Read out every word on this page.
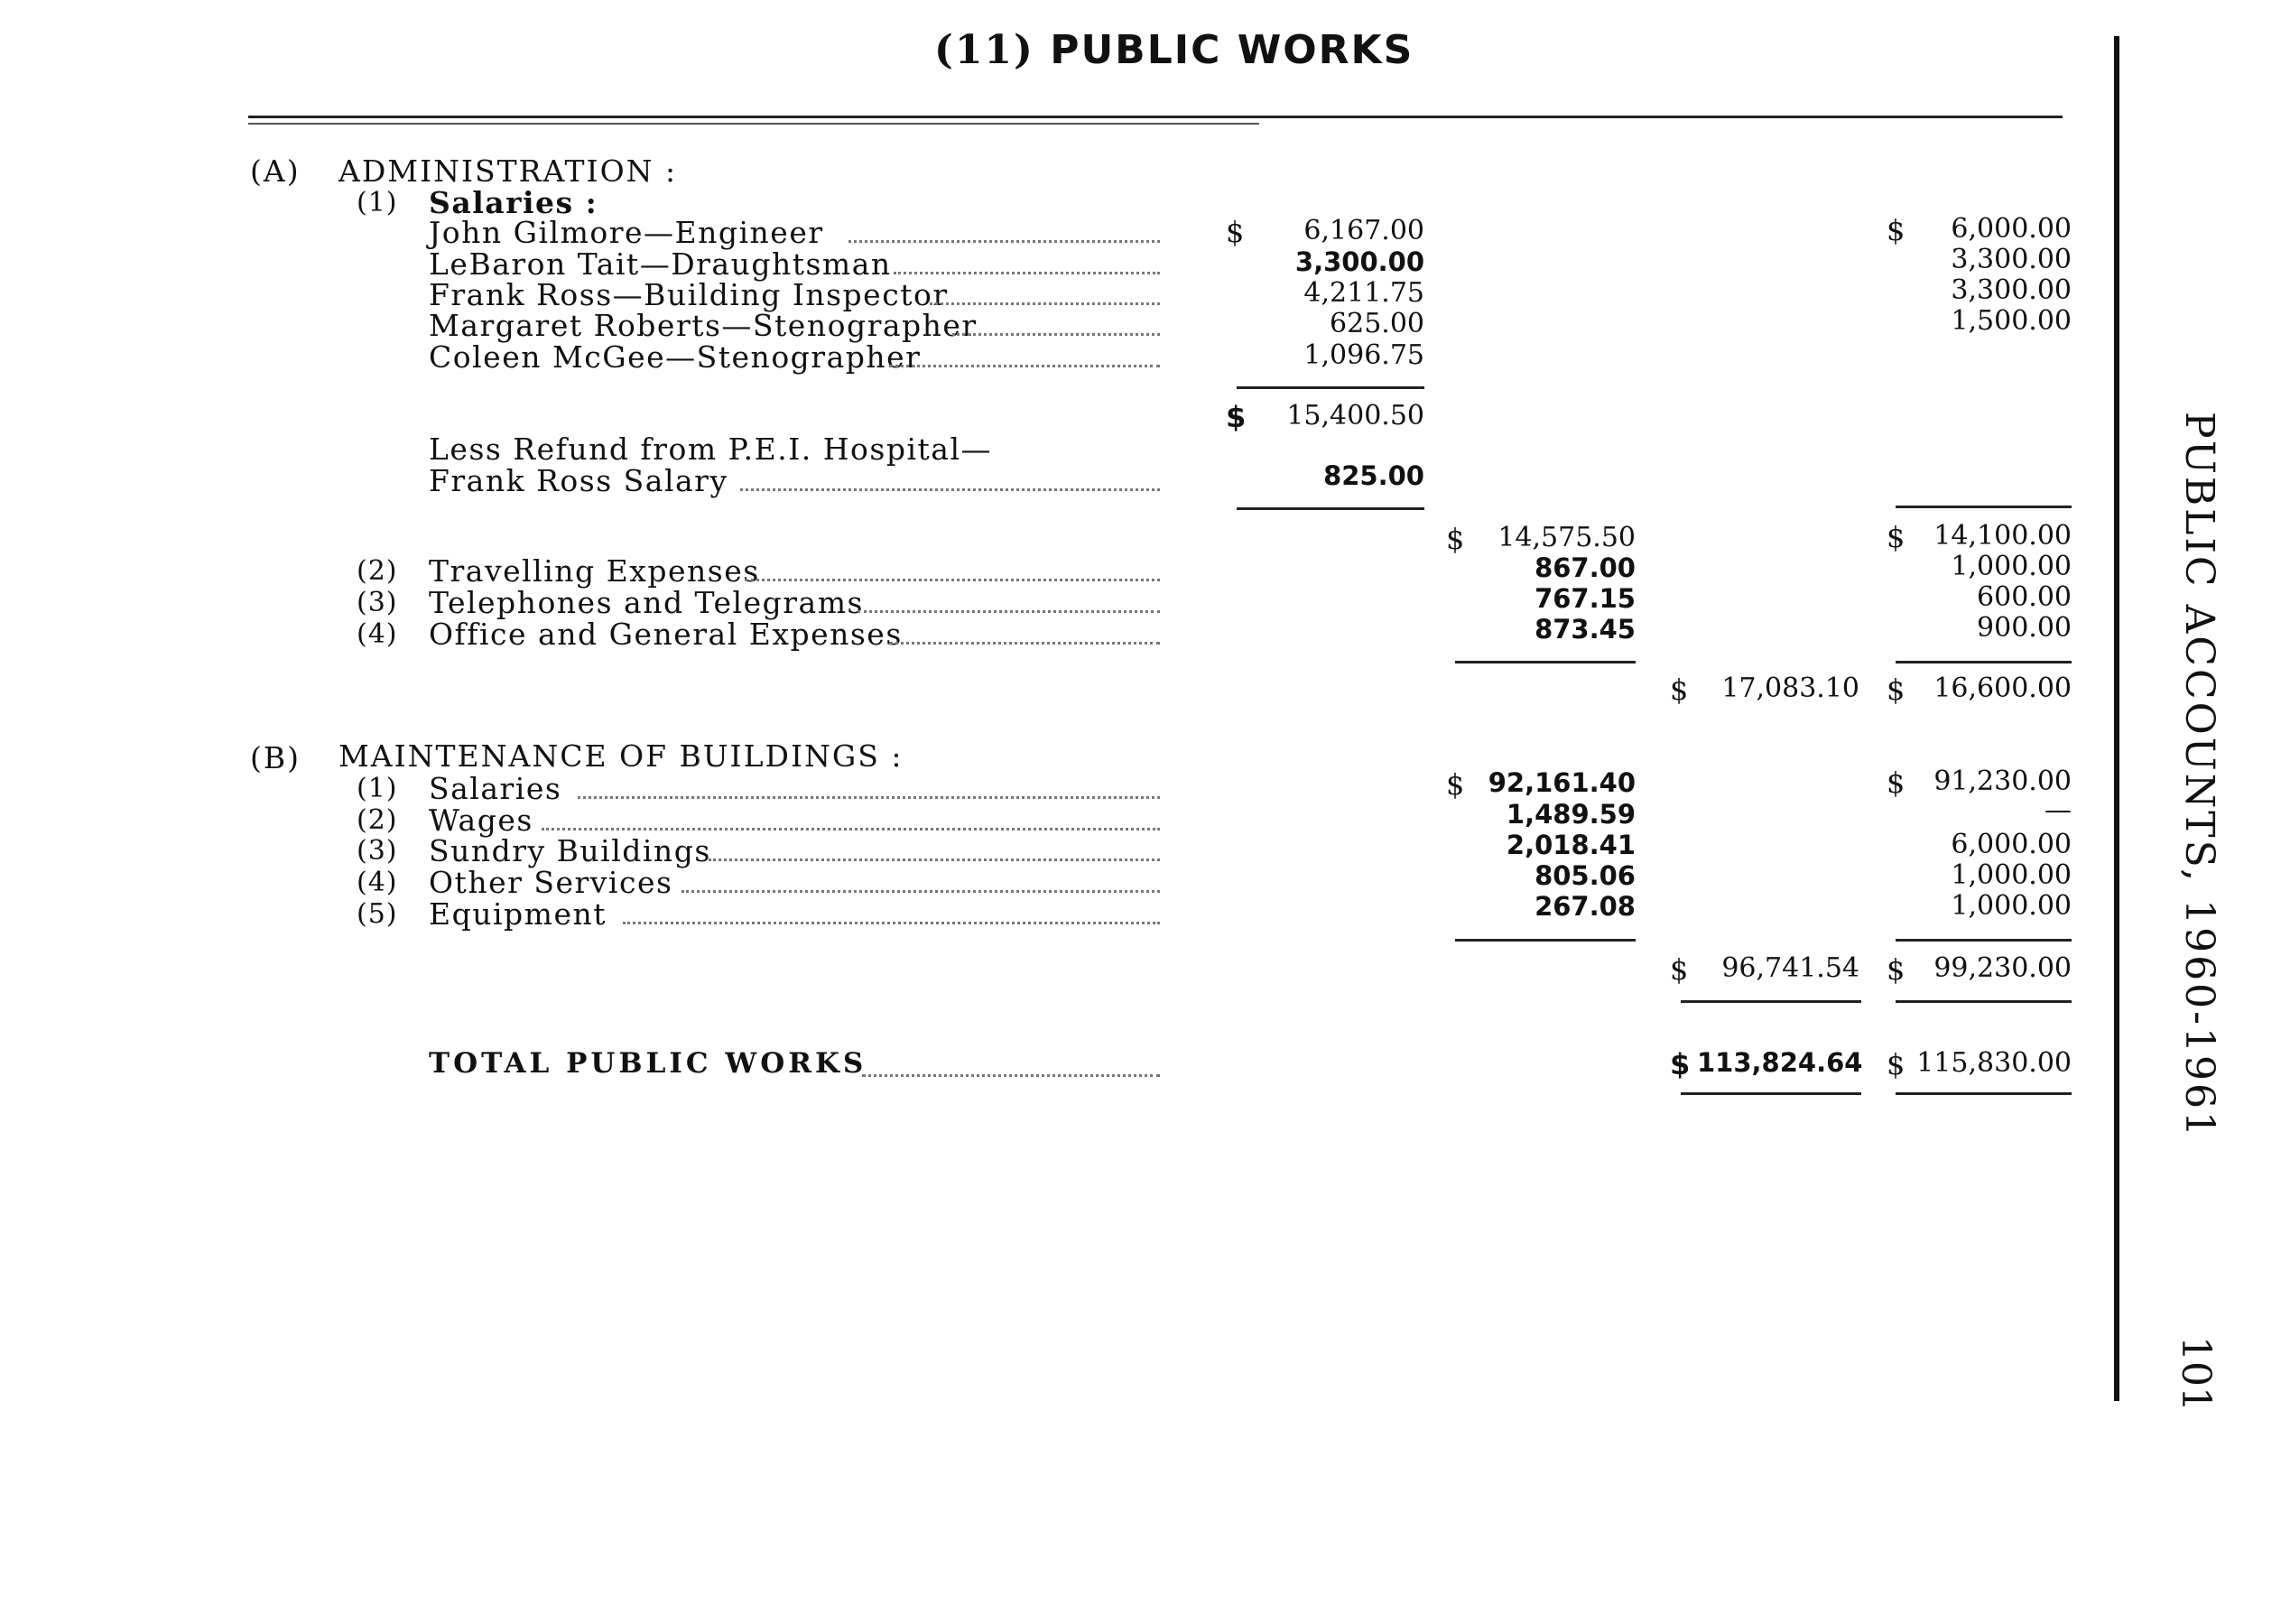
(11) PUBLIC WORKS
PUBLIC ACCOUNTS, 1960-1961
101
(A) ADMINISTRATION :
(1) Salaries :
John Gilmore—Engineer	$	6,167.00	$	6,000.00
LeBaron Tait—Draughtsman	3,300.00	3,300.00
Frank Ross—Building Inspector	4,211.75	3,300.00
Margaret Roberts—Stenographer	625.00	1,500.00
Coleen McGee—Stenographer	1,096.75
$	15,400.50
Less Refund from P.E.I. Hospital—
Frank Ross Salary	825.00
$	14,575.50	$	14,100.00
(2) Travelling Expenses	867.00	1,000.00
(3) Telephones and Telegrams	767.15	600.00
(4) Office and General Expenses	873.45	900.00
$	17,083.10 $	16,600.00
(B) MAINTENANCE OF BUILDINGS :
(1) Salaries	$ 92,161.40	$	91,230.00
(2) Wages	1,489.59	—
(3) Sundry Buildings	2,018.41	6,000.00
(4) Other Services	805.06	1,000.00
(5) Equipment	267.08	1,000.00
$	96,741.54 $	99,230.00
TOTAL PUBLIC WORKS	$ 113,824.64 $ 115,830.00
